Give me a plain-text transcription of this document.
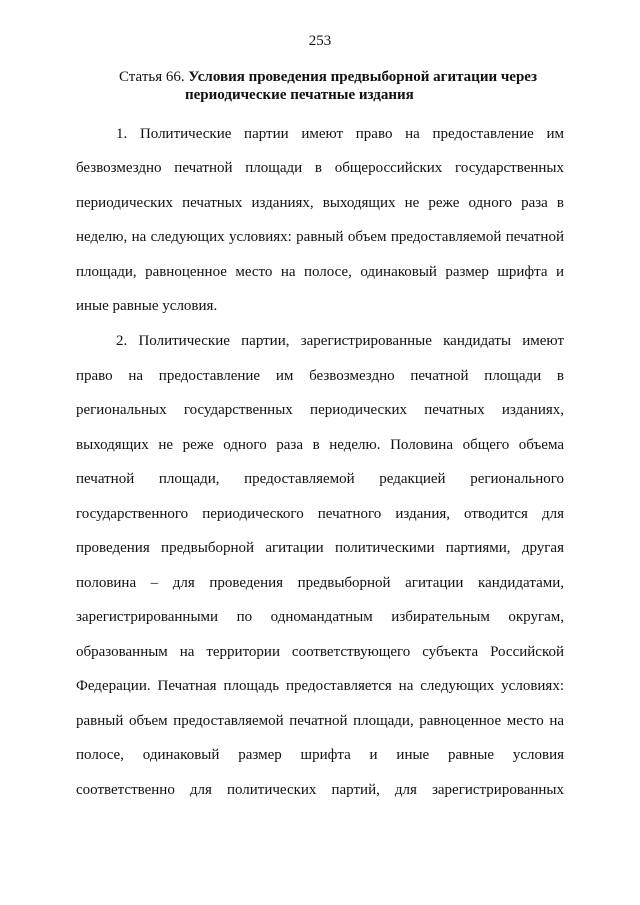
253
Статья 66. Условия проведения предвыборной агитации через
периодические печатные издания
1. Политические партии имеют право на предоставление им
безвозмездно печатной площади в общероссийских государственных
периодических печатных изданиях, выходящих не реже одного раза в
неделю, на следующих условиях: равный объем предоставляемой печатной
площади, равноценное место на полосе, одинаковый размер шрифта и
иные равные условия.
2. Политические партии, зарегистрированные кандидаты имеют
право на предоставление им безвозмездно печатной площади в
региональных государственных периодических печатных изданиях,
выходящих не реже одного раза в неделю. Половина общего объема
печатной площади, предоставляемой редакцией регионального
государственного периодического печатного издания, отводится для
проведения предвыборной агитации политическими партиями, другая
половина – для проведения предвыборной агитации кандидатами,
зарегистрированными по одномандатным избирательным округам,
образованным на территории соответствующего субъекта Российской
Федерации. Печатная площадь предоставляется на следующих условиях:
равный объем предоставляемой печатной площади, равноценное место на
полосе, одинаковый размер шрифта и иные равные условия
соответственно для политических партий, для зарегистрированных
